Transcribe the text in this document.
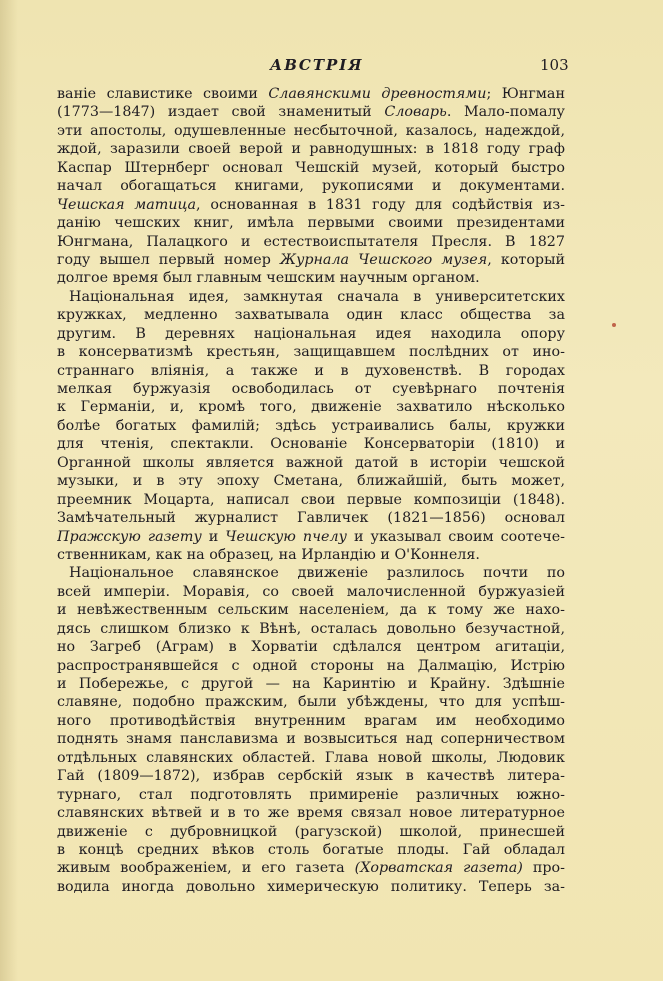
АВСТРІЯ	103
ваніе славистике своими Славянскими древностями; Юнгман
(1773—1847) издает свой знаменитый Словарь. Мало-помалу
эти апостолы, одушевленные несбыточной, казалось, надеждой,
ждой, заразили своей верой и равнодушных: в 1818 году граф
Каспар Штернберг основал Чешскій музей, который быстро
начал обогащаться книгами, рукописями и документами.
Чешская матица, основанная в 1831 году для содѣйствія из-
данію чешских книг, имѣла первыми своими президентами
Юнгмана, Палацкого и естествоиспытателя Пресля. В 1827
году вышел первый номер Журнала Чешского музея, который
долгое время был главным чешским научным органом.
Національная идея, замкнутая сначала в университетских
кружках, медленно захватывала один класс общества за
другим. В деревнях національная идея находила опору
в консерватизмѣ крестьян, защищавшем послѣдних от ино-
страннаго вліянія, а также и в духовенствѣ. В городах
мелкая буржуазія освободилась от суевѣрнаго почтенія
к Германіи, и, кромѣ того, движеніе захватило нѣсколько
болѣе богатых фамилій; здѣсь устраивались балы, кружки
для чтенія, спектакли. Основаніе Консерваторіи (1810) и
Органной школы является важной датой в исторіи чешской
музыки, и в эту эпоху Сметана, ближайшій, быть может,
преемник Моцарта, написал свои первые композиціи (1848).
Замѣчательный журналист Гавличек (1821—1856) основал
Пражскую газету и Чешскую пчелу и указывал своим соотече-
ственникам, как на образец, на Ирландію и О'Коннеля.
Національное славянское движеніе разлилось почти по
всей имперіи. Моравія, со своей малочисленной буржуазіей
и невѣжественным сельским населеніем, да к тому же нахо-
дясь слишком близко к Вѣнѣ, осталась довольно безучастной,
но Загреб (Аграм) в Хорватіи сдѣлался центром агитаціи,
распространявшейся с одной стороны на Далмацію, Истрію
и Побережье, с другой — на Каринтію и Крайну. Здѣшніе
славяне, подобно пражским, были убѣждены, что для успѣш-
ного противодѣйствія внутренним врагам им необходимо
поднять знамя панславизма и возвыситься над соперничеством
отдѣльных славянских областей. Глава новой школы, Людовик
Гай (1809—1872), избрав сербскій язык в качествѣ литера-
турнаго, стал подготовлять примиреніе различных южно-
славянских вѣтвей и в то же время связал новое литературное
движеніе с дубровницкой (рагузской) школой, принесшей
в концѣ средних вѣков столь богатые плоды. Гай обладал
живым воображеніем, и его газета (Хорватская газета) про-
водила иногда довольно химерическую политику. Теперь за-
